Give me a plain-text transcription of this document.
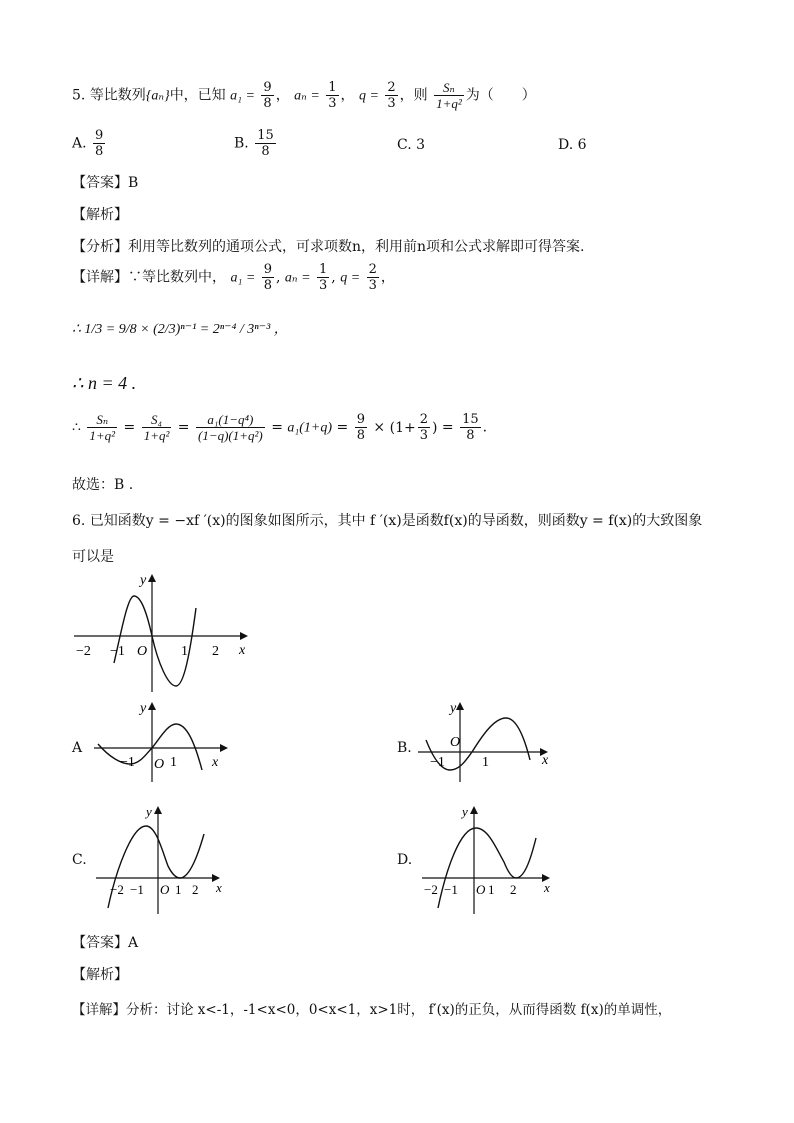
5. 等比数列{aₙ}中，已知 $a_1 = \frac{9}{8}$ ， $a_n = \frac{1}{3}$ ， $q = \frac{2}{3}$ ，则 $\frac{\text{Sₙ}}{\text{1+q²}}$ 为（　　）
A. $\frac{9}{8}$	B. $\frac{15}{8}$	C. 3	D. 6
【答案】B
【解析】
【分析】利用等比数列的通项公式，可求项数n，利用前n项和公式求解即可得答案.
【详解】∵等比数列中， $a_1 = \frac{9}{8}$ , $a_n = \frac{1}{3}$ , $q = \frac{2}{3}$ ，
∴ 1/3 = 9/8 × (2/3)ⁿ⁻¹ = 2ⁿ⁻⁴ / 3ⁿ⁻³ ，
∴ n = 4 .
∴ $\frac{\text{Sₙ}}{\text{1+q²}} = \frac{\text{S₄}}{\text{1+q²}} = \frac{\text{a₁(1−q⁴)}}{\text{(1−q)(1+q²)}} = a_1(1+q) = \frac{9}{8} \times (1+ \frac{2}{3}$ ) = $\frac{15}{8}$ .
故选：B .
6. 已知函数y = −xf ′(x)的图象如图所示，其中 f ′(x)是函数f(x)的导函数，则函数y = f(x)的大致图象
可以是
x
y
O
−2 −1	1 2
A
x
y
O
−1	1
B.
x
y
O
−1	1
C.
x
y
O
−2 −1 1 2
D.
x
y
O
−2 −1 1 2
【答案】A
【解析】
【详解】分析：讨论 x<-1，-1<x<0，0<x<1，x>1时， f′(x)的正负，从而得函数 f(x)的单调性，
